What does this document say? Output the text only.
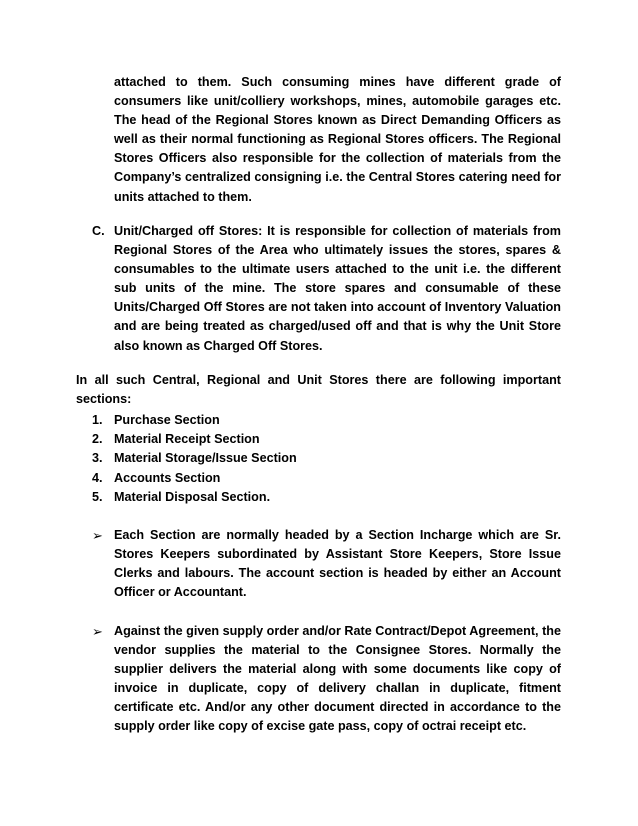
attached to them. Such consuming mines have different grade of consumers like unit/colliery workshops, mines, automobile garages etc. The head of the Regional Stores known as Direct Demanding Officers as well as their normal functioning as Regional Stores officers. The Regional Stores Officers also responsible for the collection of materials from the Company’s centralized consigning i.e. the Central Stores catering need for units attached to them.

C. Unit/Charged off Stores: It is responsible for collection of materials from Regional Stores of the Area who ultimately issues the stores, spares & consumables to the ultimate users attached to the unit i.e. the different sub units of the mine. The store spares and consumable of these Units/Charged Off Stores are not taken into account of Inventory Valuation and are being treated as charged/used off and that is why the Unit Store also known as Charged Off Stores.

In all such Central, Regional and Unit Stores there are following important sections:

1. Purchase Section
2. Material Receipt Section
3. Material Storage/Issue Section
4. Accounts Section
5. Material Disposal Section.
➢ Each Section are normally headed by a Section Incharge which are Sr. Stores Keepers subordinated by Assistant Store Keepers, Store Issue Clerks and labours. The account section is headed by either an Account Officer or Accountant.
➢ Against the given supply order and/or Rate Contract/Depot Agreement, the vendor supplies the material to the Consignee Stores. Normally the supplier delivers the material along with some documents like copy of invoice in duplicate, copy of delivery challan in duplicate, fitment certificate etc. And/or any other document directed in accordance to the supply order like copy of excise gate pass, copy of octrai receipt etc.
